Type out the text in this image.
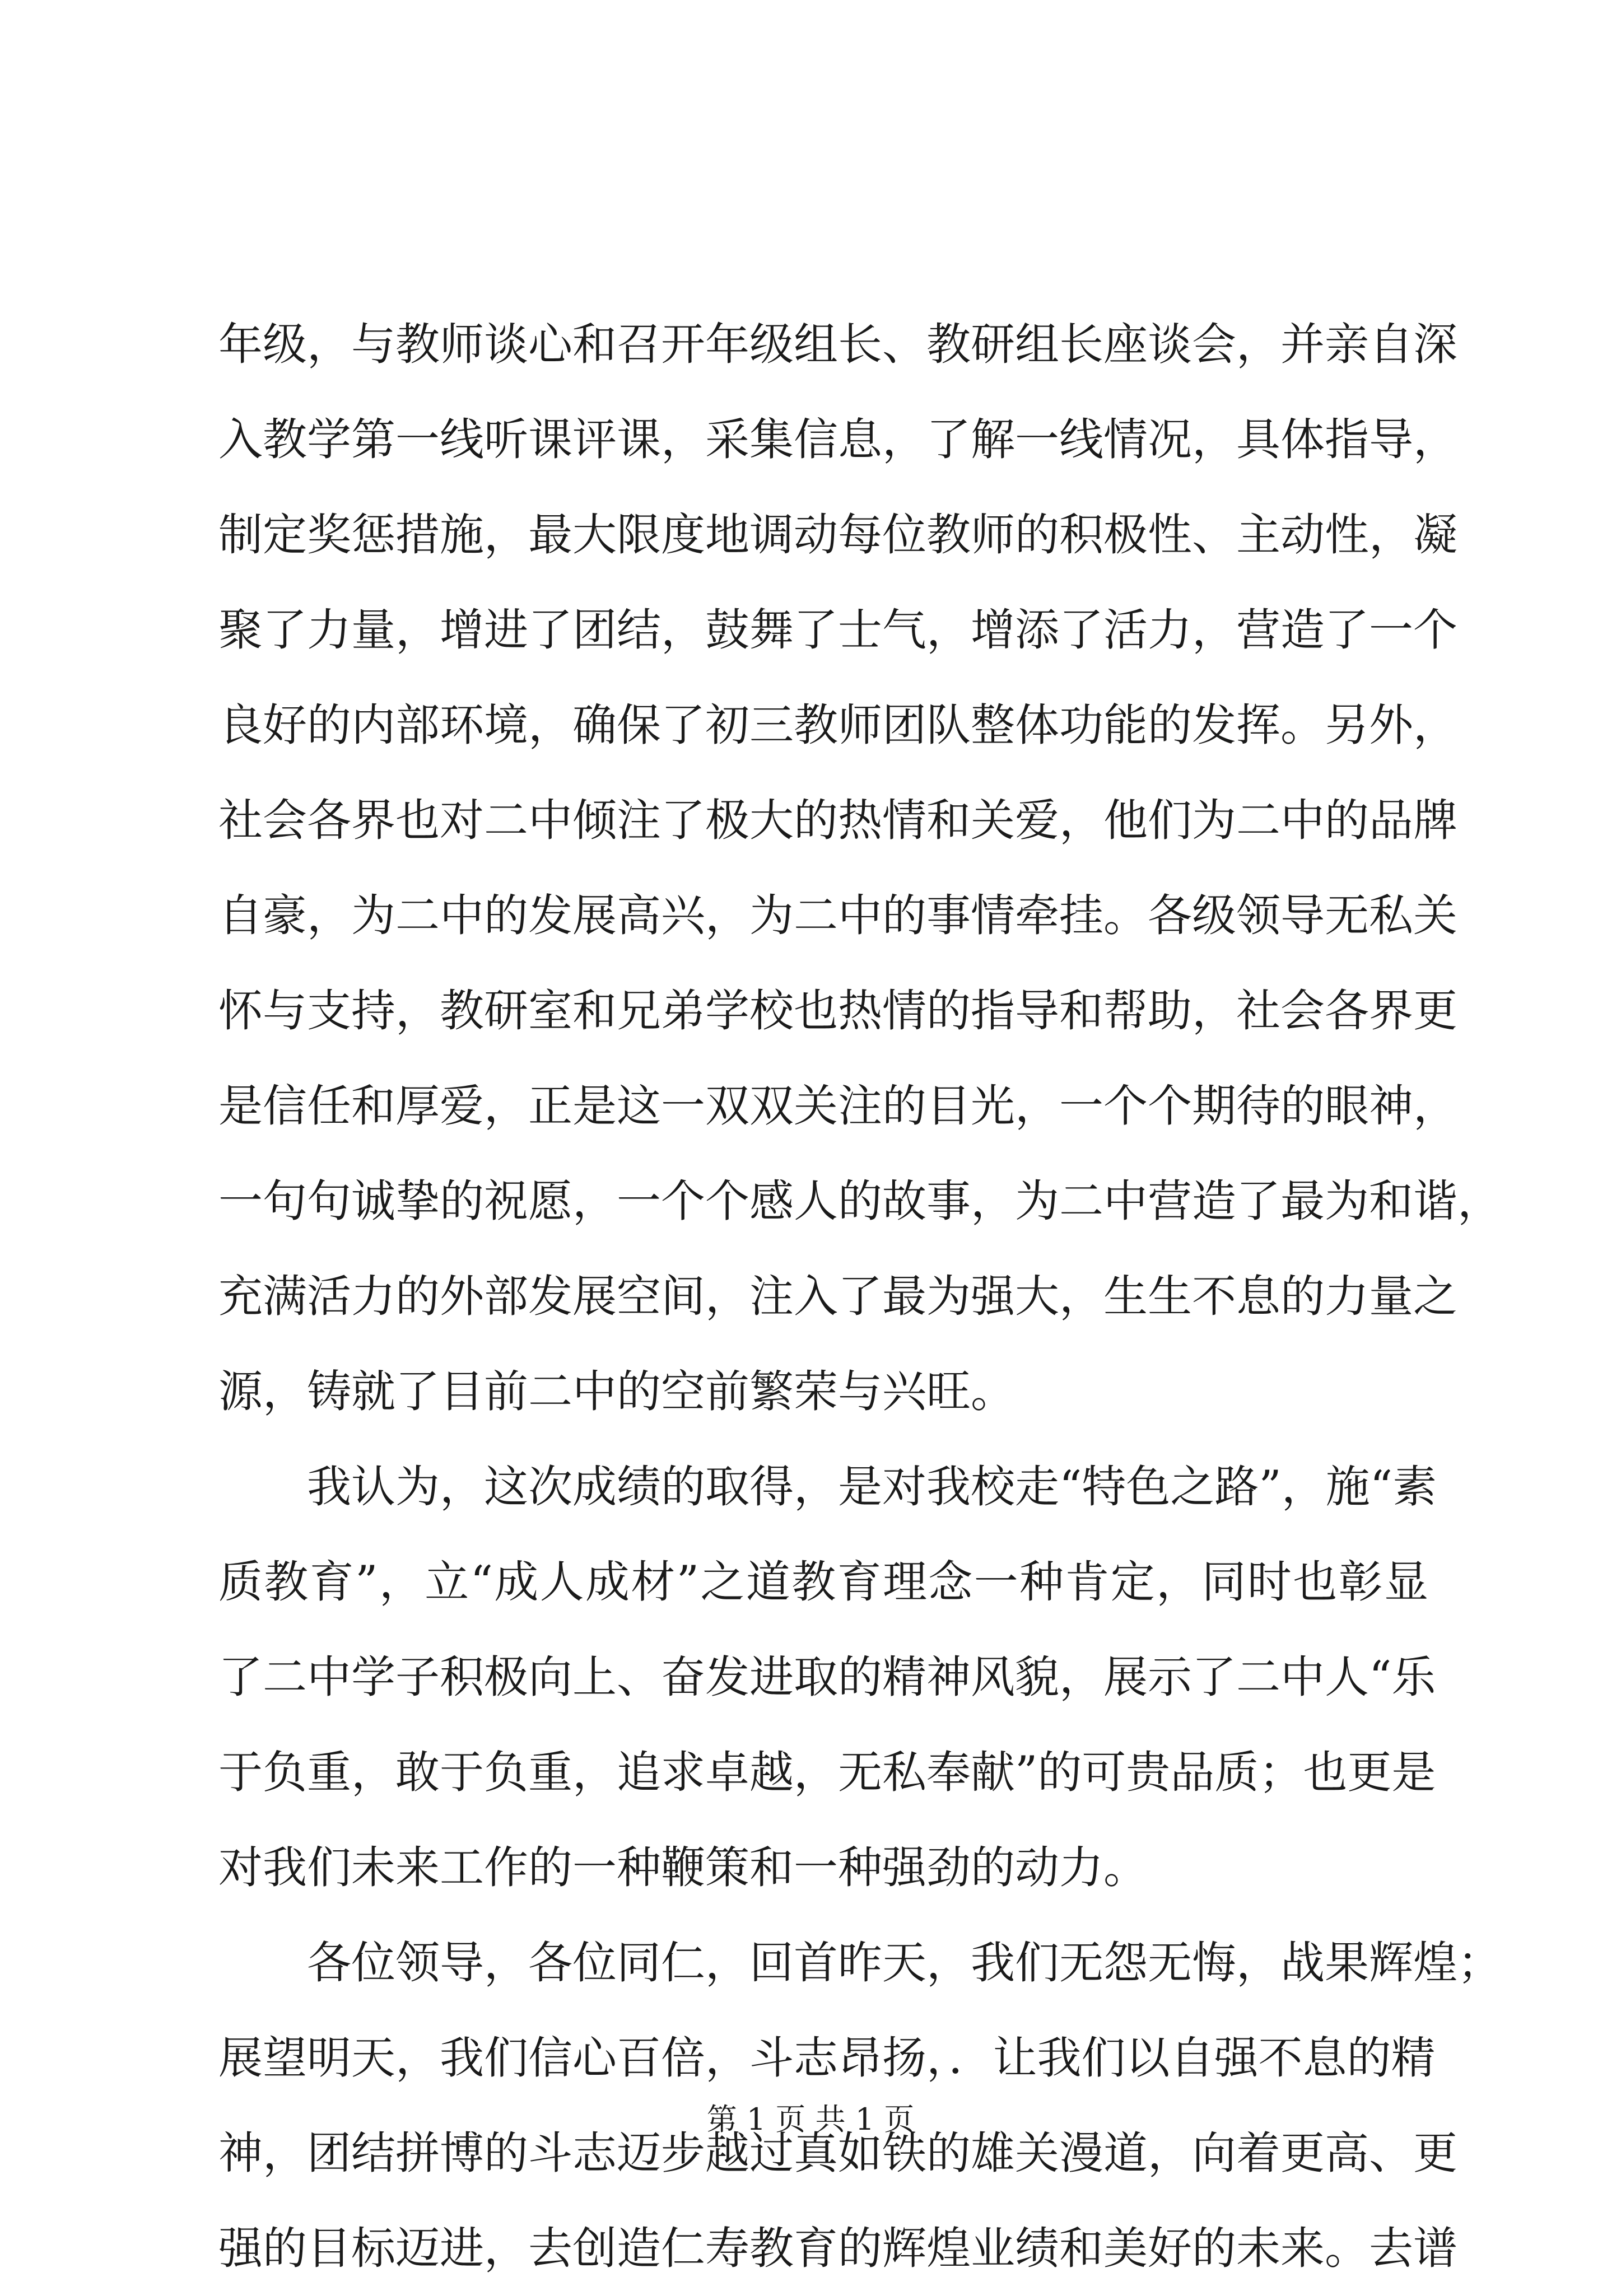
年级，与教师谈心和召开年级组长、教研组长座谈会，并亲自深
入教学第一线听课评课，采集信息，了解一线情况，具体指导，
制定奖惩措施，最大限度地调动每位教师的积极性、主动性，凝
聚了力量，增进了团结，鼓舞了士气，增添了活力，营造了一个
良好的内部环境，确保了初三教师团队整体功能的发挥。另外，
社会各界也对二中倾注了极大的热情和关爱，他们为二中的品牌
自豪，为二中的发展高兴，为二中的事情牵挂。各级领导无私关
怀与支持，教研室和兄弟学校也热情的指导和帮助，社会各界更
是信任和厚爱，正是这一双双关注的目光，一个个期待的眼神，
一句句诚挚的祝愿，一个个感人的故事，为二中营造了最为和谐，
充满活力的外部发展空间，注入了最为强大，生生不息的力量之
源，铸就了目前二中的空前繁荣与兴旺。
我认为，这次成绩的取得，是对我校走“特色之路”，施“素
质教育”，立“成人成材”之道教育理念一种肯定，同时也彰显
了二中学子积极向上、奋发进取的精神风貌，展示了二中人“乐
于负重，敢于负重，追求卓越，无私奉献”的可贵品质；也更是
对我们未来工作的一种鞭策和一种强劲的动力。
各位领导，各位同仁，回首昨天，我们无怨无悔，战果辉煌；
展望明天，我们信心百倍，斗志昂扬，．让我们以自强不息的精
神，团结拼博的斗志迈步越过真如铁的雄关漫道，向着更高、更
强的目标迈进，去创造仁寿教育的辉煌业绩和美好的未来。去谱
第 1 页 共 1 页
